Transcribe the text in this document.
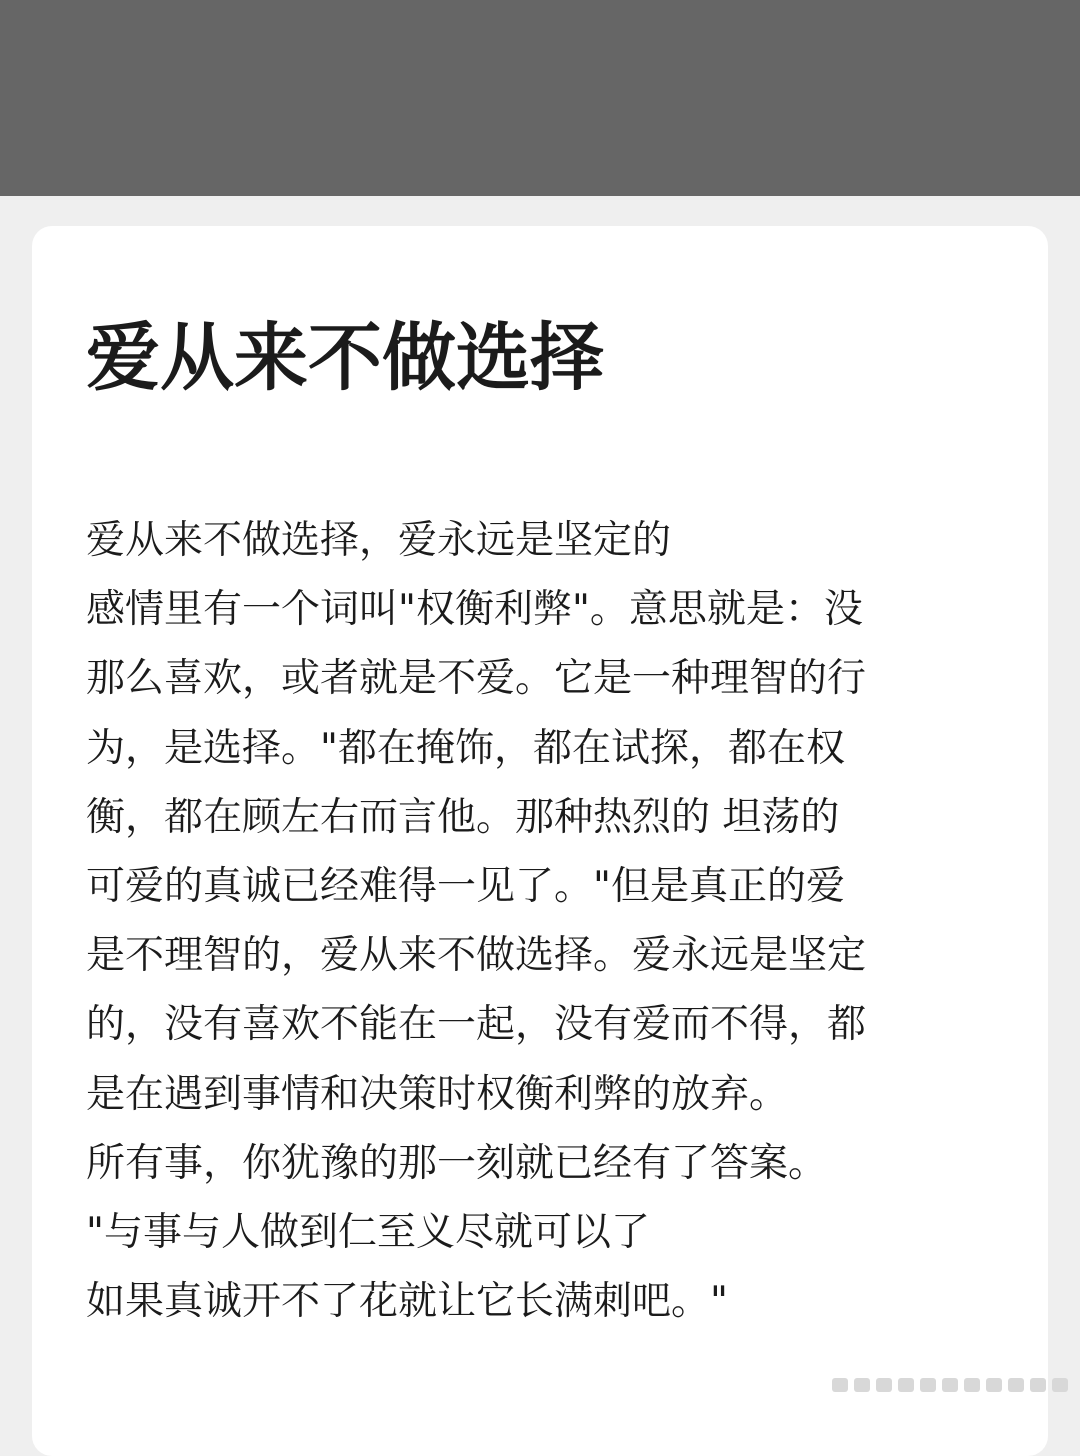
爱从来不做选择
爱从来不做选择，爱永远是坚定的
感情里有一个词叫"权衡利弊"。意思就是：没
那么喜欢，或者就是不爱。它是一种理智的行
为，是选择。"都在掩饰，都在试探，都在权
衡，都在顾左右而言他。那种热烈的 坦荡的
可爱的真诚已经难得一见了。"但是真正的爱
是不理智的，爱从来不做选择。爱永远是坚定
的，没有喜欢不能在一起，没有爱而不得，都
是在遇到事情和决策时权衡利弊的放弃。
所有事，你犹豫的那一刻就已经有了答案。
"与事与人做到仁至义尽就可以了
如果真诚开不了花就让它长满刺吧。"
